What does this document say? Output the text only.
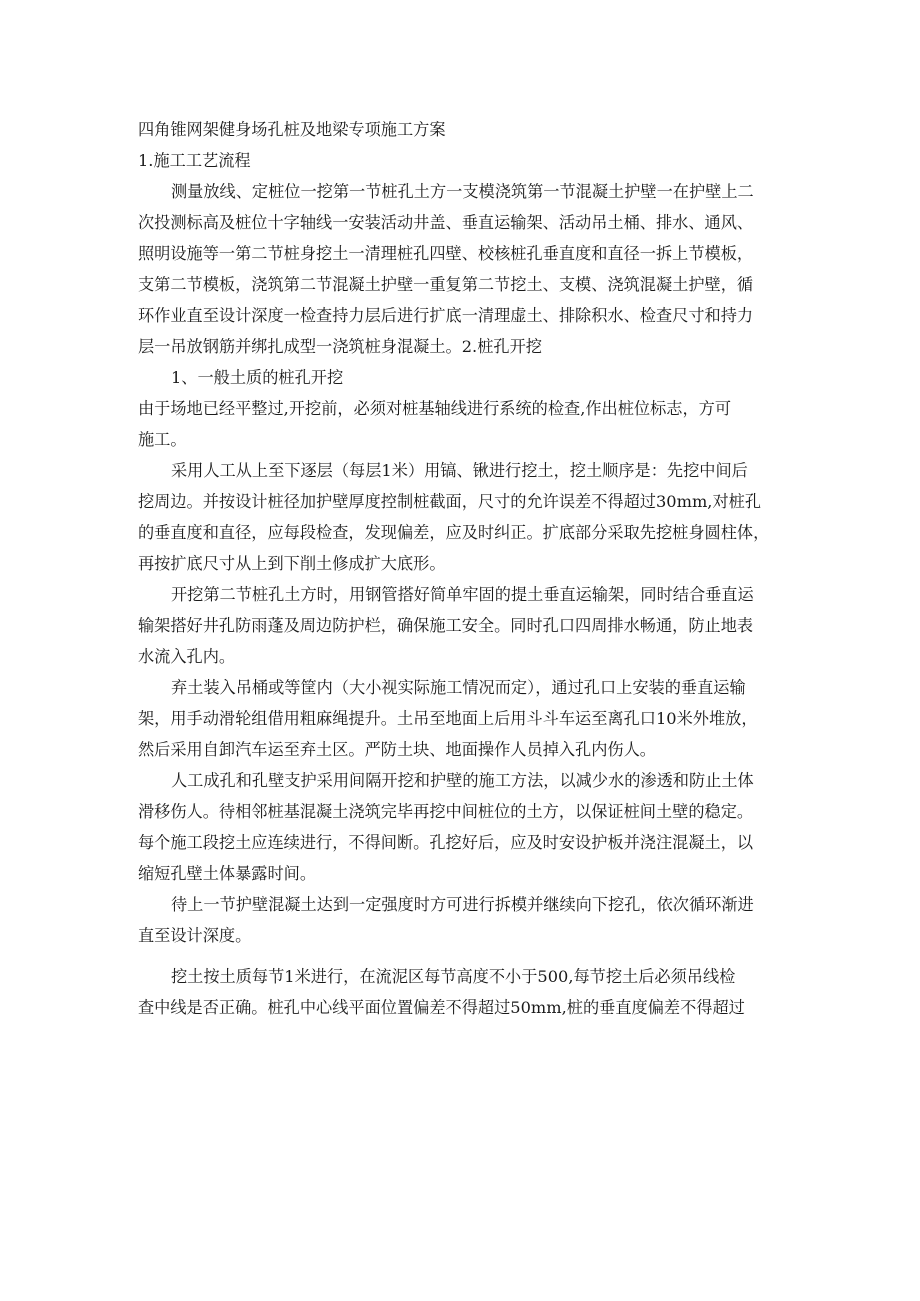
四角锥网架健身场孔桩及地梁专项施工方案
1.施工工艺流程
测量放线、定桩位一挖第一节桩孔土方一支模浇筑第一节混凝土护壁一在护壁上二
次投测标高及桩位十字轴线一安装活动井盖、垂直运输架、活动吊土桶、排水、通风、
照明设施等一第二节桩身挖土一清理桩孔四壁、校核桩孔垂直度和直径一拆上节模板，
支第二节模板，浇筑第二节混凝土护壁一重复第二节挖土、支模、浇筑混凝土护壁，循
环作业直至设计深度一检查持力层后进行扩底一清理虚土、排除积水、检查尺寸和持力
层一吊放钢筋并绑扎成型一浇筑桩身混凝土。2.桩孔开挖
1、一般土质的桩孔开挖
由于场地已经平整过,开挖前，必须对桩基轴线进行系统的检查,作出桩位标志，方可
施工。
采用人工从上至下逐层（每层1米）用镐、锹进行挖土，挖土顺序是：先挖中间后
挖周边。并按设计桩径加护壁厚度控制桩截面，尺寸的允许误差不得超过30mm,对桩孔
的垂直度和直径，应每段检查，发现偏差，应及时纠正。扩底部分采取先挖桩身圆柱体，
再按扩底尺寸从上到下削土修成扩大底形。
开挖第二节桩孔土方时，用钢管搭好简单牢固的提土垂直运输架，同时结合垂直运
输架搭好井孔防雨蓬及周边防护栏，确保施工安全。同时孔口四周排水畅通，防止地表
水流入孔内。
弃土装入吊桶或等筐内（大小视实际施工情况而定），通过孔口上安装的垂直运输
架，用手动滑轮组借用粗麻绳提升。土吊至地面上后用斗斗车运至离孔口10米外堆放，
然后采用自卸汽车运至弃土区。严防土块、地面操作人员掉入孔内伤人。
人工成孔和孔壁支护采用间隔开挖和护壁的施工方法，以减少水的渗透和防止土体
滑移伤人。待相邻桩基混凝土浇筑完毕再挖中间桩位的土方，以保证桩间土壁的稳定。
每个施工段挖土应连续进行，不得间断。孔挖好后，应及时安设护板并浇注混凝土，以
缩短孔壁土体暴露时间。
待上一节护壁混凝土达到一定强度时方可进行拆模并继续向下挖孔，依次循环渐进
直至设计深度。
挖土按土质每节1米进行，在流泥区每节高度不小于500,每节挖土后必须吊线检
查中线是否正确。桩孔中心线平面位置偏差不得超过50mm,桩的垂直度偏差不得超过
